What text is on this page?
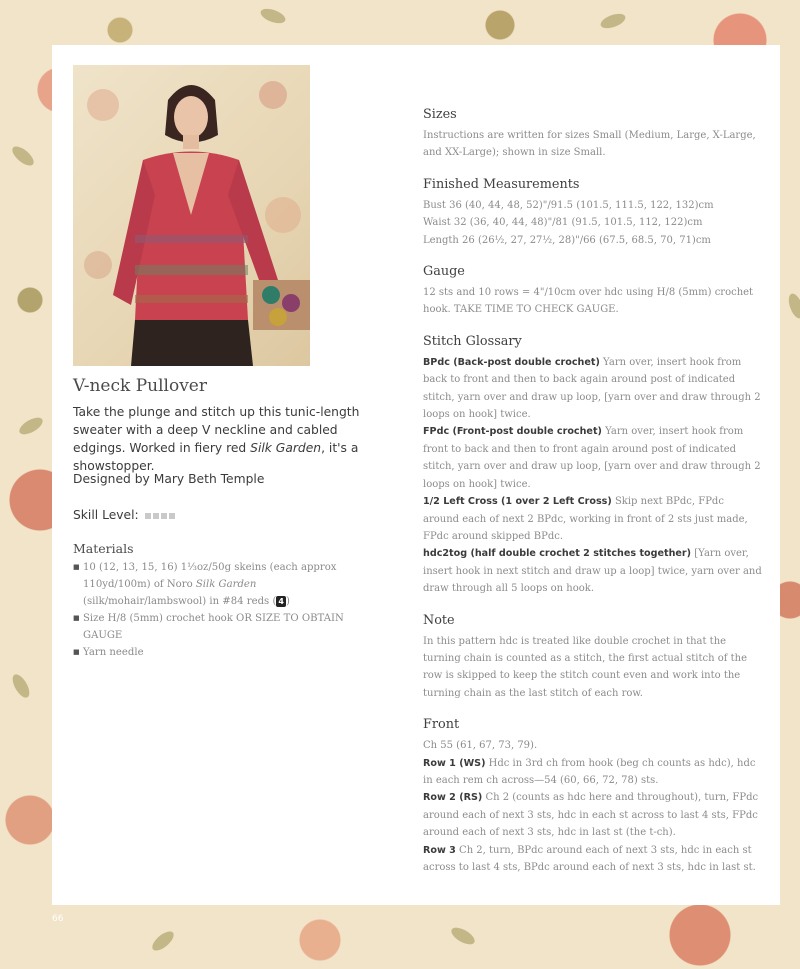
V-neck Pullover

Take the plunge and stitch up this tunic-length sweater with a deep V neckline and cabled edgings. Worked in fiery red Silk Garden, it's a showstopper.

Designed by Mary Beth Temple

Skill Level:

Materials
■ 10 (12, 13, 15, 16) 1⅓oz/50g skeins (each approx 110yd/100m) of Noro Silk Garden (silk/mohair/lambswool) in #84 reds ( 4 )
■ Size H/8 (5mm) crochet hook OR SIZE TO OBTAIN GAUGE
■ Yarn needle
Sizes

Instructions are written for sizes Small (Medium, Large, X-Large, and XX-Large); shown in size Small.

Finished Measurements

Bust 36 (40, 44, 48, 52)"/91.5 (101.5, 111.5, 122, 132)cm
Waist 32 (36, 40, 44, 48)"/81 (91.5, 101.5, 112, 122)cm
Length 26 (26½, 27, 27½, 28)"/66 (67.5, 68.5, 70, 71)cm

Gauge

12 sts and 10 rows = 4"/10cm over hdc using H/8 (5mm) crochet hook. TAKE TIME TO CHECK GAUGE.

Stitch Glossary

BPdc (Back-post double crochet) Yarn over, insert hook from back to front and then to back again around post of indicated stitch, yarn over and draw up loop, [yarn over and draw through 2 loops on hook] twice.

FPdc (Front-post double crochet) Yarn over, insert hook from front to back and then to front again around post of indicated stitch, yarn over and draw up loop, [yarn over and draw through 2 loops on hook] twice.

1/2 Left Cross (1 over 2 Left Cross) Skip next BPdc, FPdc around each of next 2 BPdc, working in front of 2 sts just made, FPdc around skipped BPdc.

hdc2tog (half double crochet 2 stitches together) [Yarn over, insert hook in next stitch and draw up a loop] twice, yarn over and draw through all 5 loops on hook.

Note

In this pattern hdc is treated like double crochet in that the turning chain is counted as a stitch, the first actual stitch of the row is skipped to keep the stitch count even and work into the turning chain as the last stitch of each row.

Front

Ch 55 (61, 67, 73, 79).

Row 1 (WS) Hdc in 3rd ch from hook (beg ch counts as hdc), hdc in each rem ch across—54 (60, 66, 72, 78) sts.

Row 2 (RS) Ch 2 (counts as hdc here and throughout), turn, FPdc around each of next 3 sts, hdc in each st across to last 4 sts, FPdc around each of next 3 sts, hdc in last st (the t-ch).

Row 3 Ch 2, turn, BPdc around each of next 3 sts, hdc in each st across to last 4 sts, BPdc around each of next 3 sts, hdc in last st.

66
